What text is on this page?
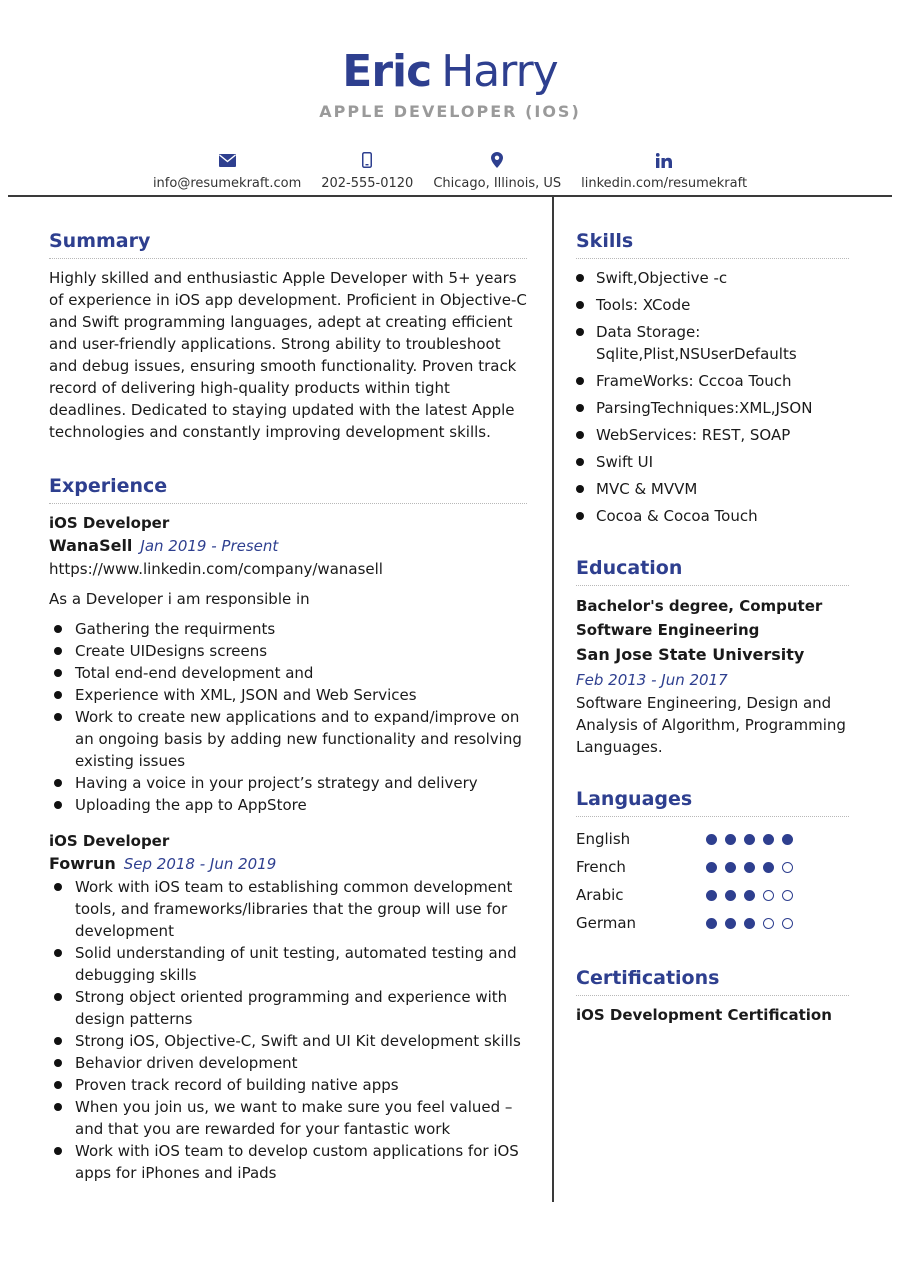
Eric Harry
APPLE DEVELOPER (IOS)
info@resumekraft.com 202-555-0120 Chicago, Illinois, US linkedin.com/resumekraft
Summary

Highly skilled and enthusiastic Apple Developer with 5+ years of experience in iOS app development. Proficient in Objective-C and Swift programming languages, adept at creating efficient and user-friendly applications. Strong ability to troubleshoot and debug issues, ensuring smooth functionality. Proven track record of delivering high-quality products within tight deadlines. Dedicated to staying updated with the latest Apple technologies and constantly improving development skills.

Experience
iOS Developer
WanaSell Jan 2019 - Present
https://www.linkedin.com/company/wanasell
As a Developer i am responsible in
Gathering the requirments
Create UIDesigns screens
Total end-end development and
Experience with XML, JSON and Web Services
Work to create new applications and to expand/improve on an ongoing basis by adding new functionality and resolving existing issues
Having a voice in your project’s strategy and delivery
Uploading the app to AppStore
iOS Developer
Fowrun Sep 2018 - Jun 2019
Work with iOS team to establishing common development tools, and frameworks/libraries that the group will use for development
Solid understanding of unit testing, automated testing and debugging skills
Strong object oriented programming and experience with design patterns
Strong iOS, Objective-C, Swift and UI Kit development skills
Behavior driven development
Proven track record of building native apps
When you join us, we want to make sure you feel valued – and that you are rewarded for your fantastic work
Work with iOS team to develop custom applications for iOS apps for iPhones and iPads
Skills
Swift,Objective -c
Tools: XCode
Data Storage: Sqlite,Plist,NSUserDefaults
FrameWorks: Cccoa Touch
ParsingTechniques:XML,JSON
WebServices: REST, SOAP
Swift UI
MVC & MVVM
Cocoa & Cocoa Touch
Education
Bachelor's degree, Computer Software Engineering
San Jose State University
Feb 2013 - Jun 2017
Software Engineering, Design and Analysis of Algorithm, Programming Languages.
Languages
English
French
Arabic
German
Certifications
iOS Development Certification
